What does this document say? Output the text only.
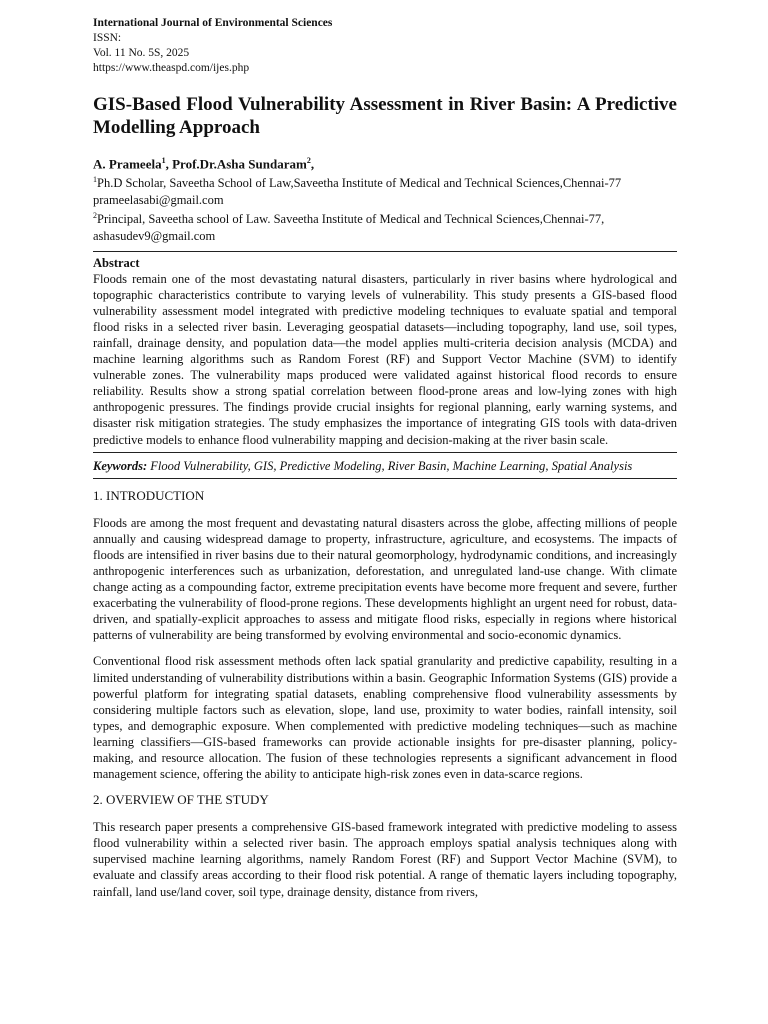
International Journal of Environmental Sciences
ISSN:
Vol. 11 No. 5S, 2025
https://www.theaspd.com/ijes.php
GIS-Based Flood Vulnerability Assessment in River Basin: A Predictive Modelling Approach
A. Prameela$^1$, Prof.Dr.Asha Sundaram$^2$,
$^1$Ph.D Scholar, Saveetha School of Law,Saveetha Institute of Medical and Technical Sciences,Chennai-77
prameelasabi@gmail.com
$^2$Principal, Saveetha school of Law. Saveetha Institute of Medical and Technical Sciences,Chennai-77,
ashasudev9@gmail.com
Abstract

Floods remain one of the most devastating natural disasters, particularly in river basins where hydrological and topographic characteristics contribute to varying levels of vulnerability. This study presents a GIS-based flood vulnerability assessment model integrated with predictive modeling techniques to evaluate spatial and temporal flood risks in a selected river basin. Leveraging geospatial datasets—including topography, land use, soil types, rainfall, drainage density, and population data—the model applies multi-criteria decision analysis (MCDA) and machine learning algorithms such as Random Forest (RF) and Support Vector Machine (SVM) to identify vulnerable zones. The vulnerability maps produced were validated against historical flood records to ensure reliability. Results show a strong spatial correlation between flood-prone areas and low-lying zones with high anthropogenic pressures. The findings provide crucial insights for regional planning, early warning systems, and disaster risk mitigation strategies. The study emphasizes the importance of integrating GIS tools with data-driven predictive models to enhance flood vulnerability mapping and decision-making at the river basin scale.

Keywords: Flood Vulnerability, GIS, Predictive Modeling, River Basin, Machine Learning, Spatial Analysis
1. INTRODUCTION

Floods are among the most frequent and devastating natural disasters across the globe, affecting millions of people annually and causing widespread damage to property, infrastructure, agriculture, and ecosystems. The impacts of floods are intensified in river basins due to their natural geomorphology, hydrodynamic conditions, and increasingly anthropogenic interferences such as urbanization, deforestation, and unregulated land-use change. With climate change acting as a compounding factor, extreme precipitation events have become more frequent and severe, further exacerbating the vulnerability of flood-prone regions. These developments highlight an urgent need for robust, data-driven, and spatially-explicit approaches to assess and mitigate flood risks, especially in regions where historical patterns of vulnerability are being transformed by evolving environmental and socio-economic dynamics.

Conventional flood risk assessment methods often lack spatial granularity and predictive capability, resulting in a limited understanding of vulnerability distributions within a basin. Geographic Information Systems (GIS) provide a powerful platform for integrating spatial datasets, enabling comprehensive flood vulnerability assessments by considering multiple factors such as elevation, slope, land use, proximity to water bodies, rainfall intensity, soil types, and demographic exposure. When complemented with predictive modeling techniques—such as machine learning classifiers—GIS-based frameworks can provide actionable insights for pre-disaster planning, policy-making, and resource allocation. The fusion of these technologies represents a significant advancement in flood management science, offering the ability to anticipate high-risk zones even in data-scarce regions.

2. OVERVIEW OF THE STUDY

This research paper presents a comprehensive GIS-based framework integrated with predictive modeling to assess flood vulnerability within a selected river basin. The approach employs spatial analysis techniques along with supervised machine learning algorithms, namely Random Forest (RF) and Support Vector Machine (SVM), to evaluate and classify areas according to their flood risk potential. A range of thematic layers including topography, rainfall, land use/land cover, soil type, drainage density, distance from rivers,
